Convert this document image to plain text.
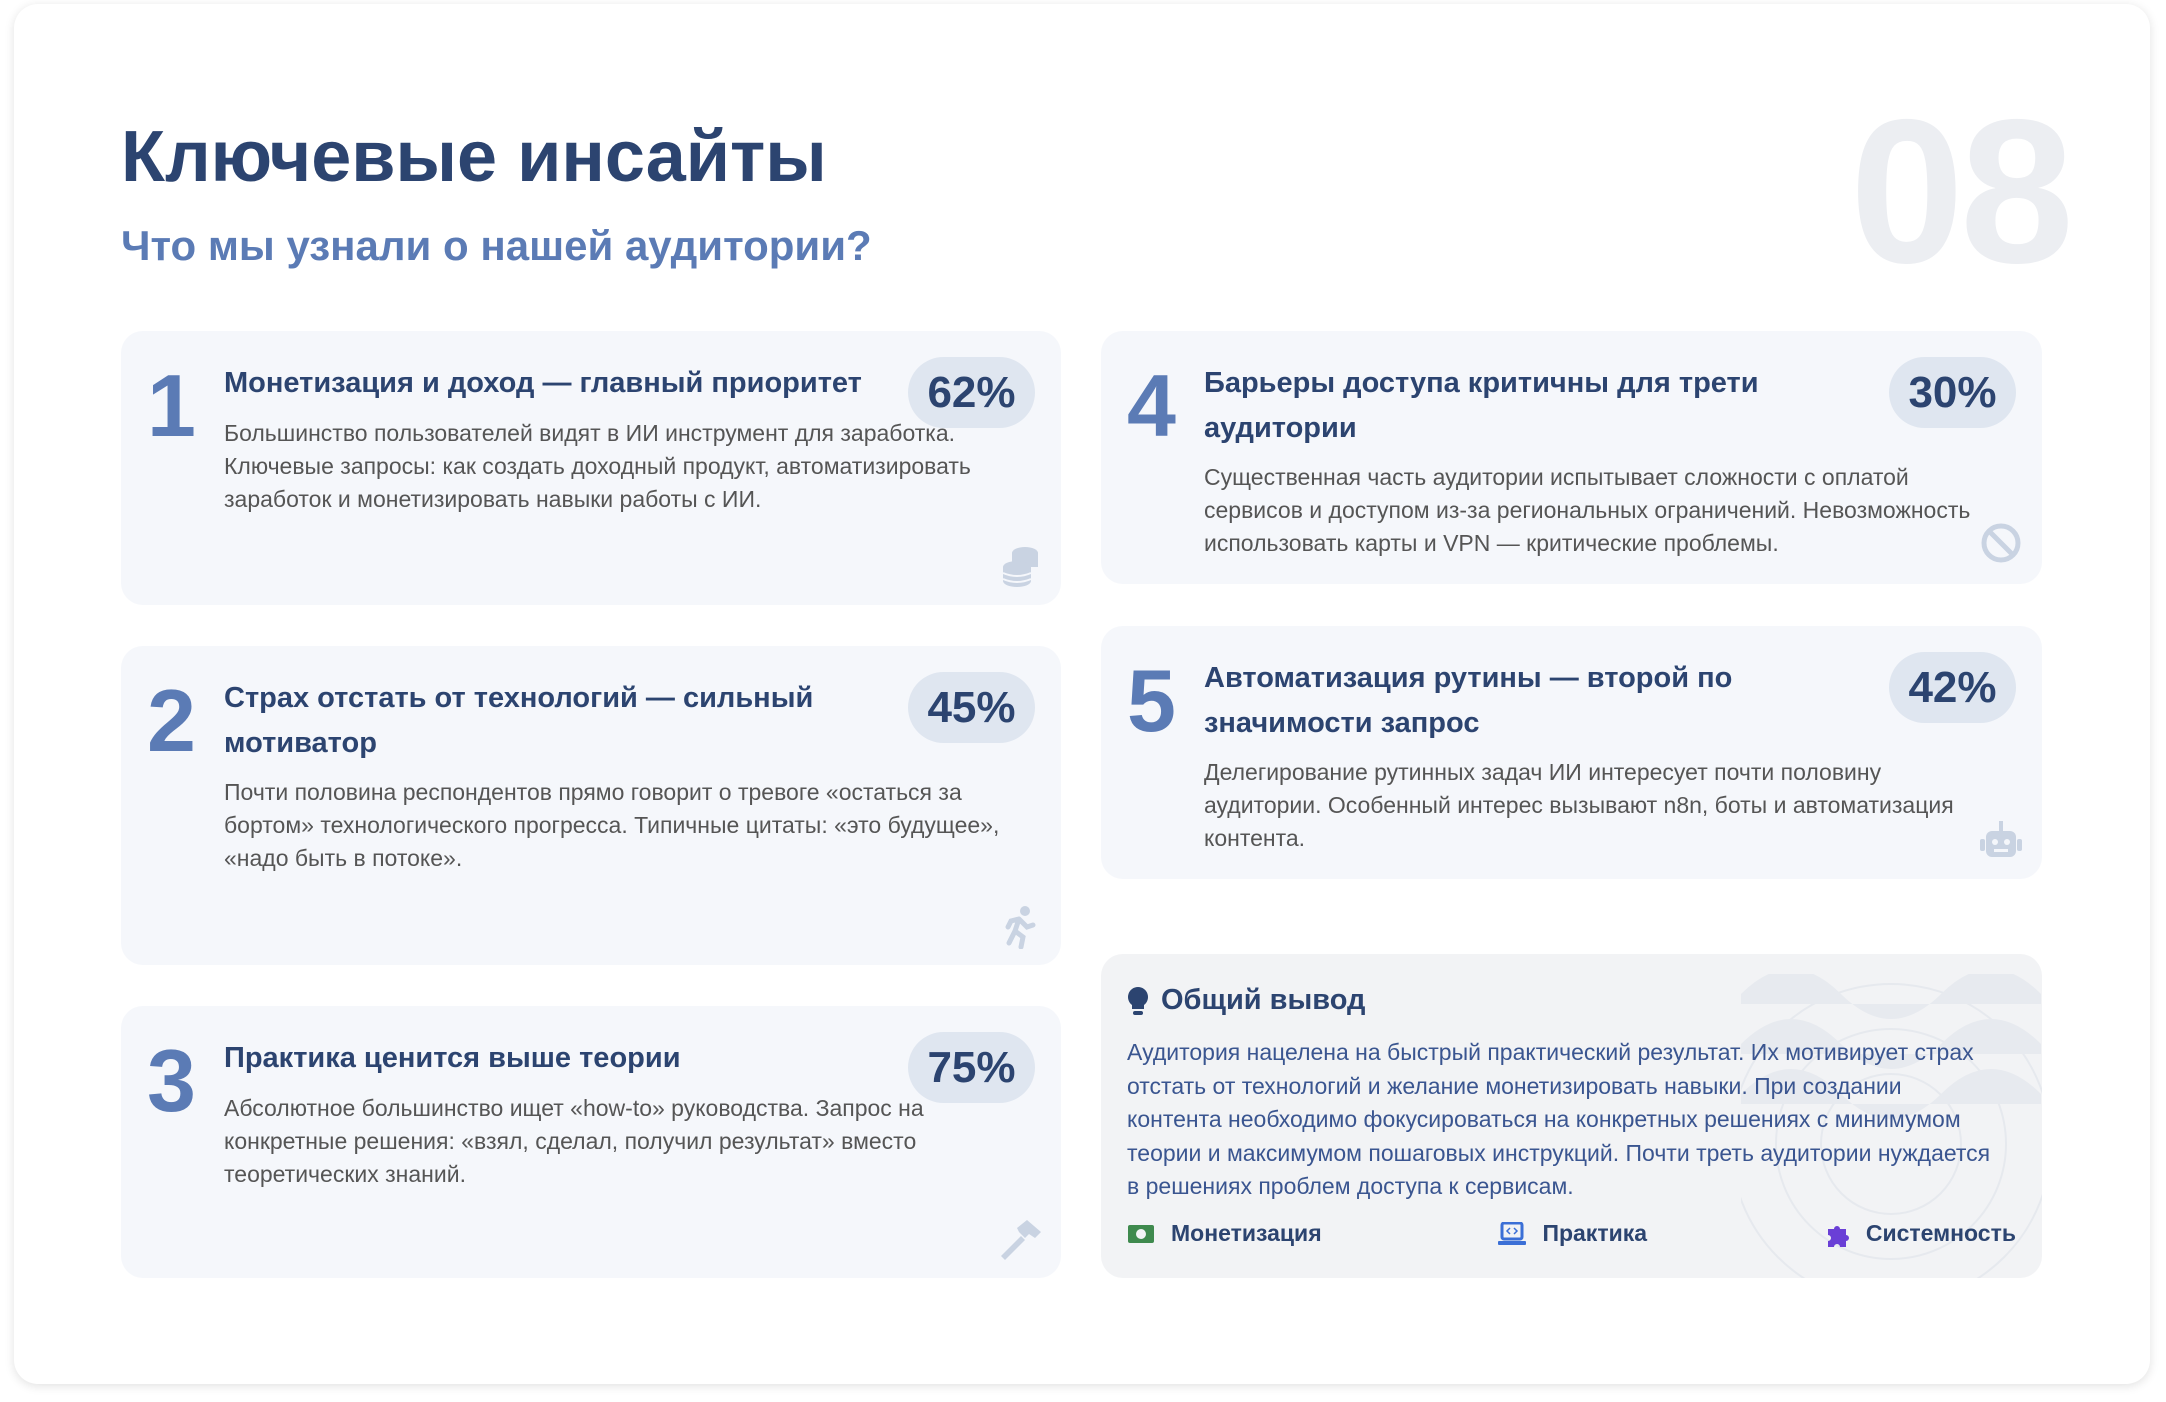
08
Ключевые инсайты
Что мы узнали о нашей аудитории?
1 Монетизация и доход — главный приоритет	62%
Большинство пользователей видят в ИИ инструмент для заработка. Ключевые запросы: как создать доходный продукт, автоматизировать заработок и монетизировать навыки работы с ИИ.
2 Страх отстать от технологий — сильный мотиватор
45%
Почти половина респондентов прямо говорит о тревоге «остаться за бортом» технологического прогресса. Типичные цитаты: «это будущее», «надо быть в потоке».
3 Практика ценится выше теории	75%
Абсолютное большинство ищет «how-to» руководства. Запрос на конкретные решения: «взял, сделал, получил результат» вместо теоретических знаний.
4 Барьеры доступа критичны для трети аудитории
30%
Существенная часть аудитории испытывает сложности с оплатой сервисов и доступом из-за региональных ограничений. Невозможность использовать карты и VPN — критические проблемы.
5 Автоматизация рутины — второй по значимости запрос
42%
Делегирование рутинных задач ИИ интересует почти половину аудитории. Особенный интерес вызывают n8n, боты и автоматизация контента.
Общий вывод
Аудитория нацелена на быстрый практический результат. Их мотивирует страх отстать от технологий и желание монетизировать навыки. При создании контента необходимо фокусироваться на конкретных решениях с минимумом теории и максимумом пошаговых инструкций. Почти треть аудитории нуждается в решениях проблем доступа к сервисам.
Монетизация	Практика	Системность
